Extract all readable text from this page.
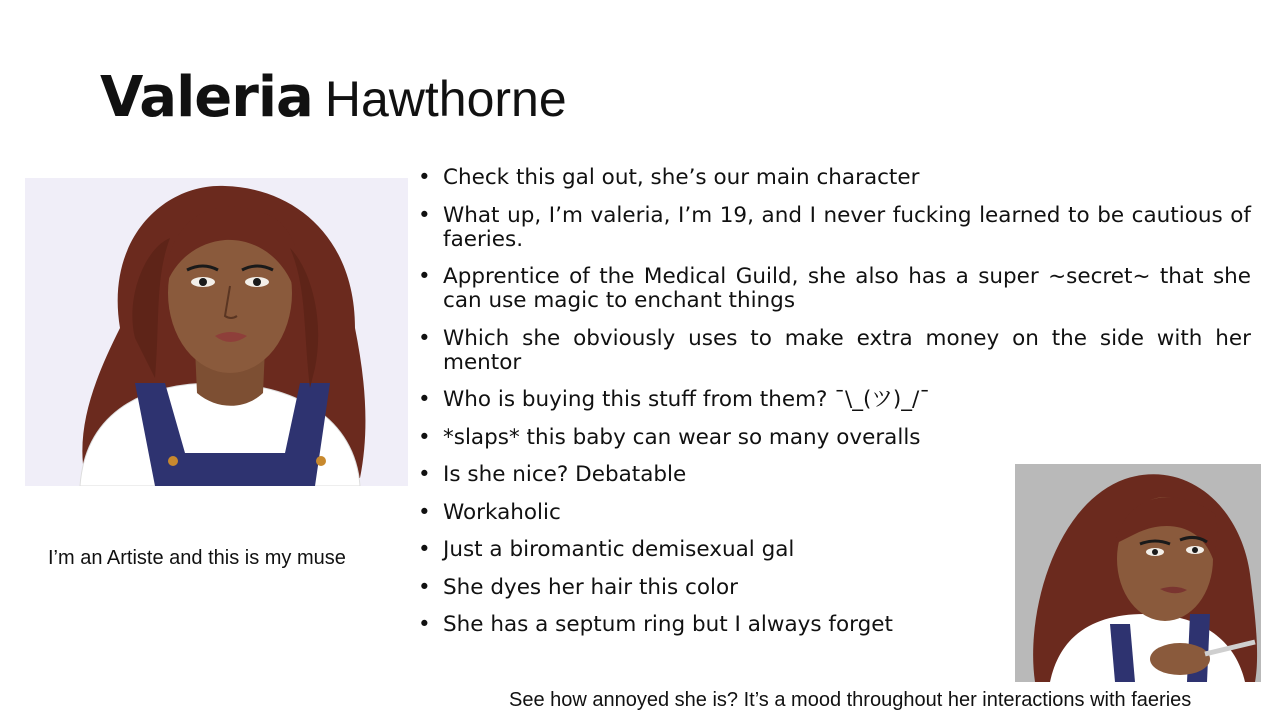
Valeria Hawthorne
I’m an Artiste and this is my muse
• Check this gal out, she’s our main character
• What up, I’m valeria, I’m 19, and I never fucking learned to be cautious of faeries.
• Apprentice of the Medical Guild, she also has a super ~secret~ that she can use magic to enchant things
• Which she obviously uses to make extra money on the side with her mentor
• Who is buying this stuff from them? ¯\_(ツ)_/¯
• *slaps* this baby can wear so many overalls
• Is she nice? Debatable
• Workaholic
• Just a biromantic demisexual gal
• She dyes her hair this color
• She has a septum ring but I always forget
See how annoyed she is? It’s a mood throughout her interactions with faeries
